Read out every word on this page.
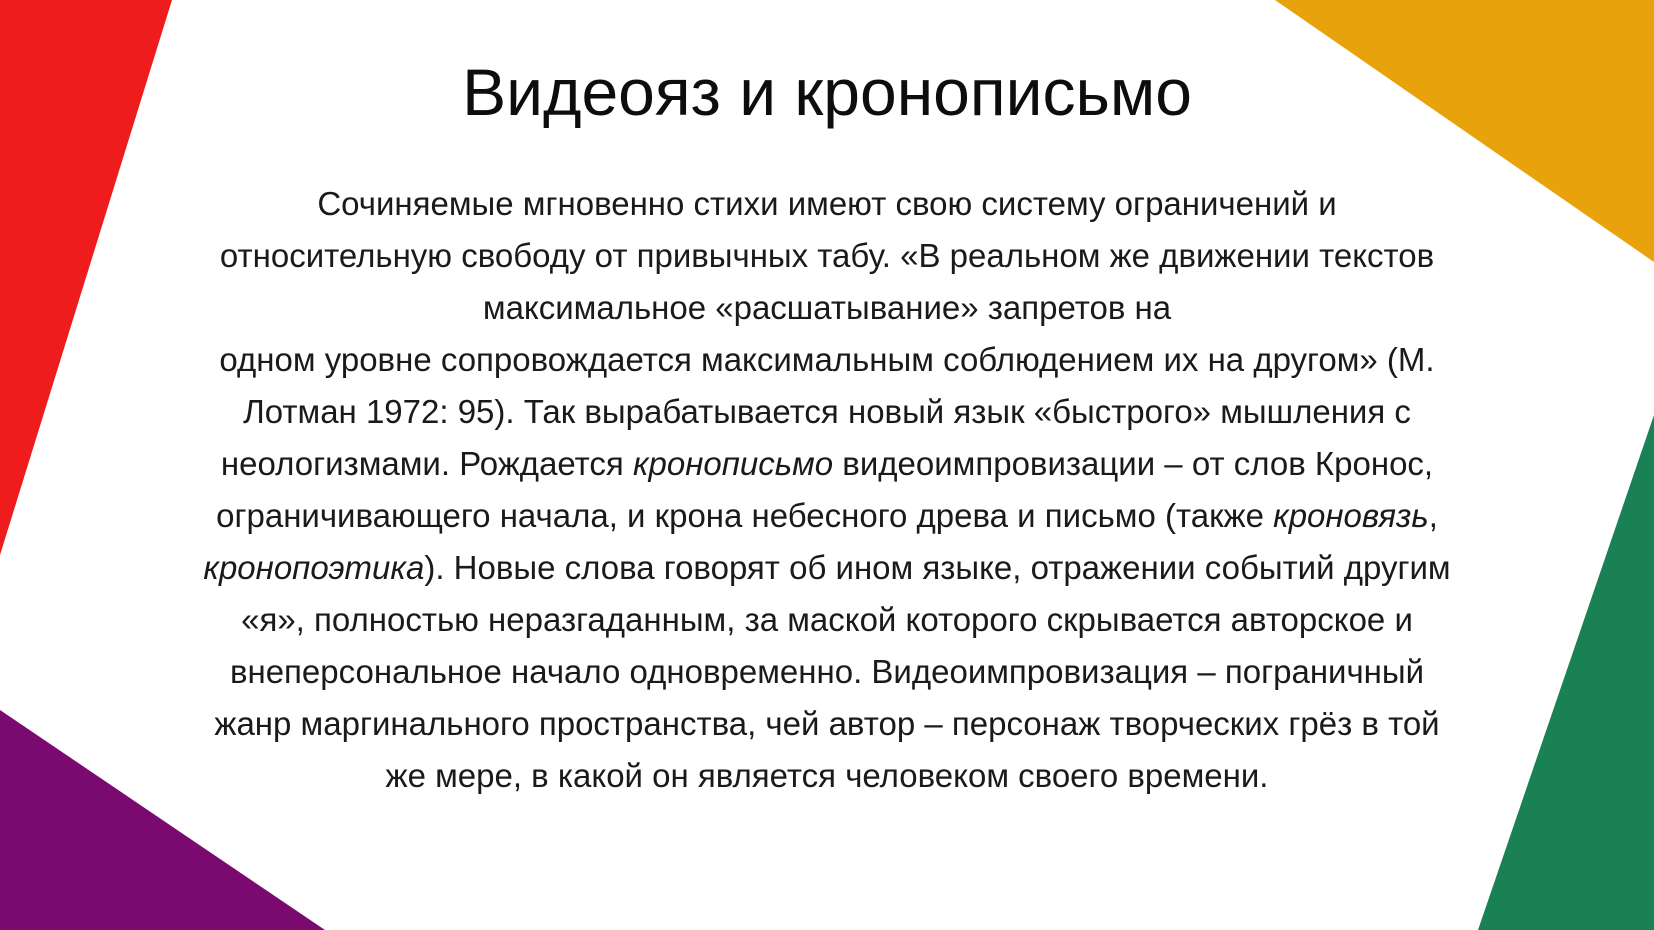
Видеояз и кронописьмо

Сочиняемые мгновенно стихи имеют свою систему ограничений и
относительную свободу от привычных табу. «В реальном же движении текстов
максимальное «расшатывание» запретов на
одном уровне сопровождается максимальным соблюдением их на другом» (М.
Лотман 1972: 95). Так вырабатывается новый язык «быстрого» мышления с
неологизмами. Рождается кронописьмо видеоимпровизации – от слов Кронос,
ограничивающего начала, и крона небесного древа и письмо (также кроновязь,
кронопоэтика). Новые слова говорят об ином языке, отражении событий другим
«я», полностью неразгаданным, за маской которого скрывается авторское и
внеперсональное начало одновременно. Видеоимпровизация – пограничный
жанр маргинального пространства, чей автор – персонаж творческих грёз в той
же мере, в какой он является человеком своего времени.
